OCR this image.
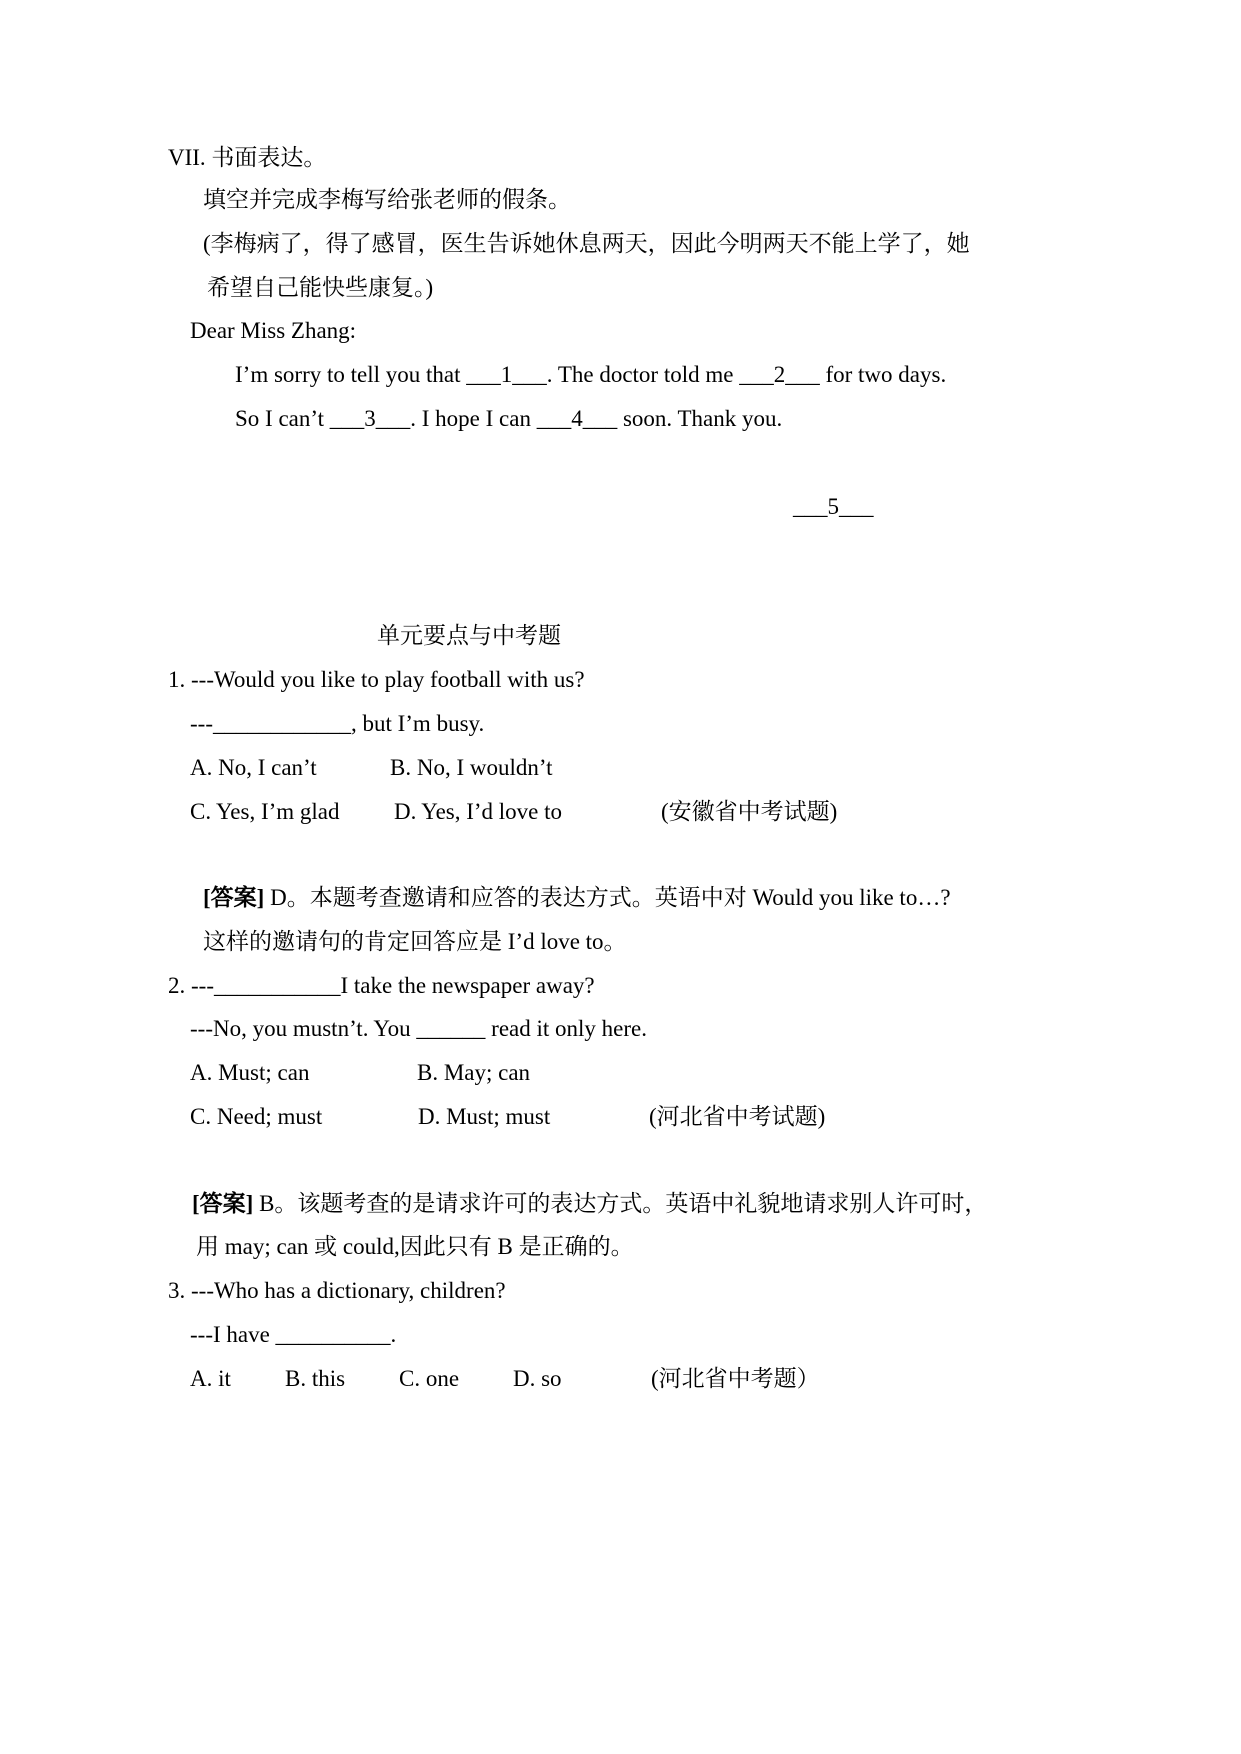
VII. 书面表达。
填空并完成李梅写给张老师的假条。
(李梅病了，得了感冒，医生告诉她休息两天，因此今明两天不能上学了，她
希望自己能快些康复。)
Dear Miss Zhang:
I’m sorry to tell you that ___1___. The doctor told me ___2___ for two days.
So I can’t ___3___. I hope I can ___4___ soon. Thank you.
___5___
单元要点与中考题
1. ---Would you like to play football with us?
---____________, but I’m busy.
A. No, I can’t	B. No, I wouldn’t
C. Yes, I’m glad D. Yes, I’d love to	(安徽省中考试题)
[答案] D。本题考查邀请和应答的表达方式。英语中对 Would you like to…?
这样的邀请句的肯定回答应是 I’d love to。
2. ---___________I take the newspaper away?
---No, you mustn’t. You ______ read it only here.
A. Must; can	B. May; can
C. Need; must	D. Must; must	(河北省中考试题)
[答案] B。该题考查的是请求许可的表达方式。英语中礼貌地请求别人许可时，
用 may; can 或 could,因此只有 B 是正确的。
3. ---Who has a dictionary, children?
---I have __________.
A. it B. this C. one D. so	(河北省中考题）
